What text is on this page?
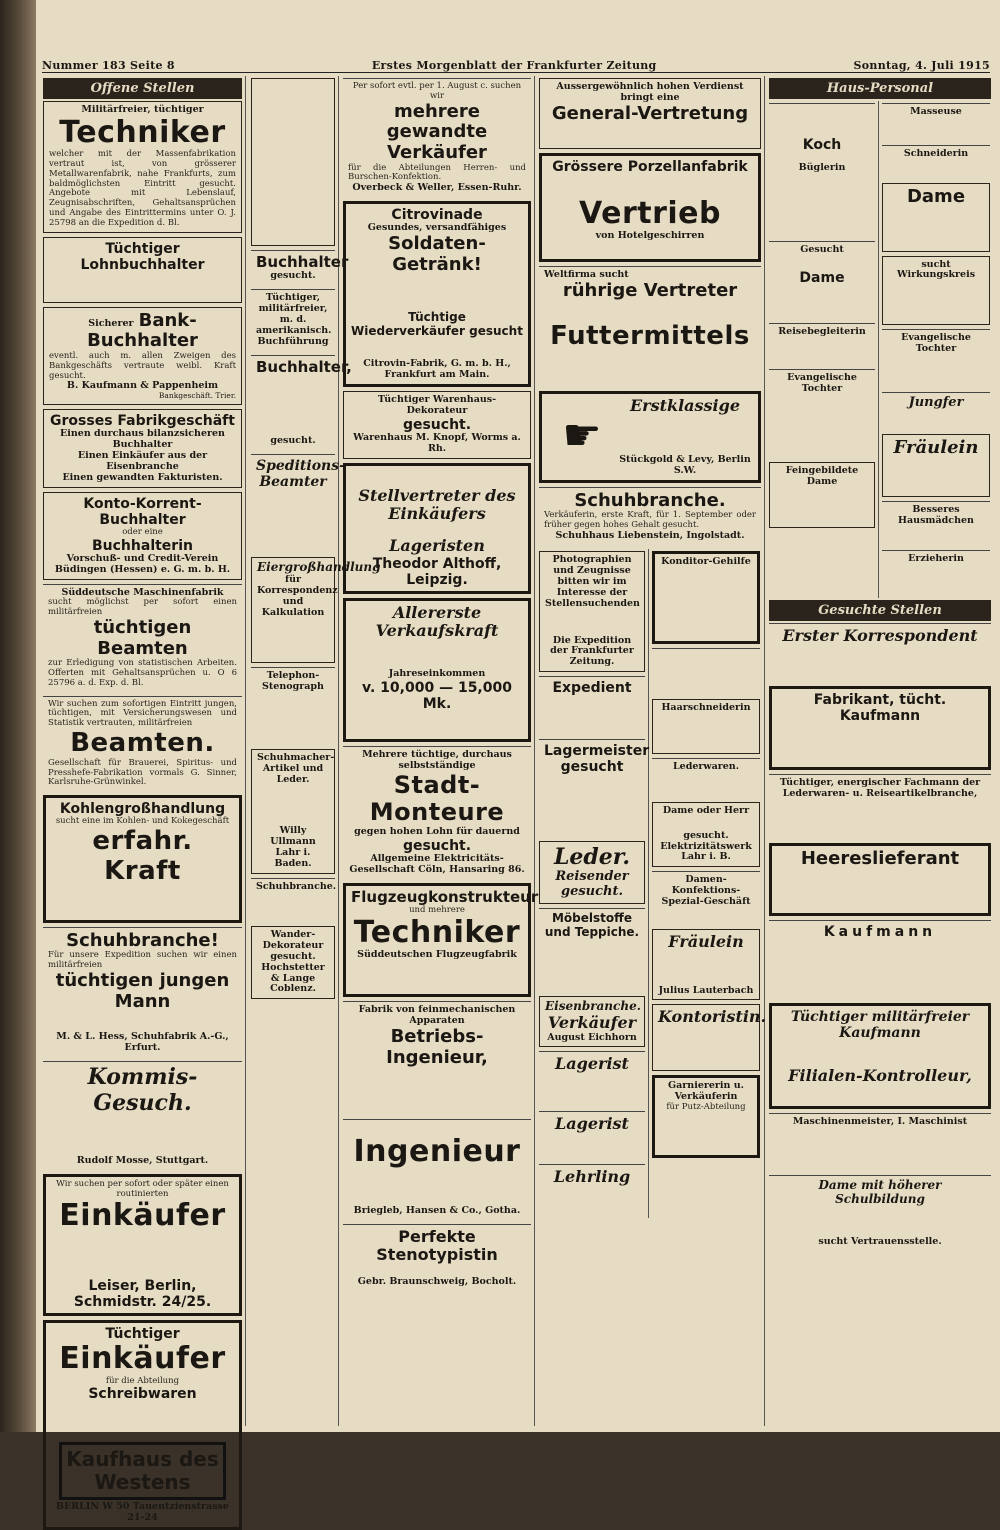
Nummer 183 Seite 8	Erstes Morgenblatt der Frankfurter Zeitung	Sonntag, 4. Juli 1915
Offene Stellen
Militärfreier, tüchtiger
Techniker
welcher mit der Massenfabrikation vertraut ist, von grösserer Metallwarenfabrik, nahe Frankfurts, zum baldmöglichsten Eintritt gesucht. Angebote mit Lebenslauf, Zeugnisabschriften, Gehaltsansprüchen und Angabe des Eintrittermins unter O. J. 25798 an die Expedition d. Bl.
Tüchtiger Lohnbuchhalter

Sicherer Bank-Buchhalter
eventl. auch m. allen Zweigen des Bankgeschäfts vertraute weibl. Kraft gesucht.
B. Kaufmann & Pappenheim
Bankgeschäft. Trier.
Grosses Fabrikgeschäft
Einen durchaus bilanzsicheren Buchhalter
Einen Einkäufer aus der Eisenbranche
Einen gewandten Fakturisten.
Konto-Korrent-Buchhalter
oder eine
Buchhalterin
Vorschuß- und Credit-Verein Büdingen (Hessen) e. G. m. b. H.
Süddeutsche Maschinenfabrik
sucht möglichst per sofort einen militärfreien
tüchtigen Beamten
zur Erledigung von statistischen Arbeiten. Offerten mit Gehaltsansprüchen u. O 6 25796 a. d. Exp. d. Bl.
Wir suchen zum sofortigen Eintritt jungen, tüchtigen, mit Versicherungswesen und Statistik vertrauten, militärfreien
Beamten.
Gesellschaft für Brauerei, Spiritus- und Presshefe-Fabrikation vormals G. Sinner, Karlsruhe-Grünwinkel.
Kohlengroßhandlung
sucht eine im Kohlen- und Kokegeschäft
erfahr. Kraft

Schuhbranche!
Für unsere Expedition suchen wir einen militärfreien
tüchtigen jungen Mann

M. & L. Hess, Schuhfabrik A.-G., Erfurt.
Kommis-Gesuch.

Rudolf Mosse, Stuttgart.
Wir suchen per sofort oder später einen routinierten
Einkäufer

Leiser, Berlin, Schmidstr. 24/25.
Tüchtiger
Einkäufer
für die Abteilung
Schreibwaren

Kaufhaus des Westens
BERLIN W 50 Tauentzienstrasse 21-24

Buchhalter
gesucht.
Tüchtiger, militärfreier, m. d. amerikanisch. Buchführung
Buchhalter,

gesucht.
Speditions-Beamter

Eiergroßhandlung
für Korrespondenz und Kalkulation

Telephon-Stenograph

Schuhmacher-Artikel und Leder.

Willy Ullmann Lahr i. Baden.
Schuhbranche.

Wander-Dekorateur gesucht.
Hochstetter & Lange Coblenz.
Per sofort evtl. per 1. August c. suchen wir
mehrere gewandte Verkäufer
für die Abteilungen Herren- und Burschen-Konfektion.
Overbeck & Weller, Essen-Ruhr.
Citrovinade
Gesundes, versandfähiges
Soldaten-Getränk!

Tüchtige Wiederverkäufer gesucht

Citrovin-Fabrik, G. m. b. H., Frankfurt am Main.
Tüchtiger Warenhaus-Dekorateur
gesucht.
Warenhaus M. Knopf, Worms a. Rh.

Stellvertreter des Einkäufers

Lageristen
Theodor Althoff, Leipzig.
Allererste Verkaufskraft

Jahreseinkommen
v. 10,000 — 15,000 Mk.

Mehrere tüchtige, durchaus selbstständige
Stadt-Monteure
gegen hohen Lohn für dauernd
gesucht.
Allgemeine Elektricitäts-Gesellschaft Cöln, Hansaring 86.
Flugzeugkonstrukteur
und mehrere
Techniker
Süddeutschen Flugzeugfabrik

Fabrik von feinmechanischen Apparaten
Betriebs-Ingenieur,

Ingenieur

Briegleb, Hansen & Co., Gotha.
Perfekte Stenotypistin

Gebr. Braunschweig, Bocholt.
Aussergewöhnlich hohen Verdienst bringt eine
General-Vertretung

Grössere Porzellanfabrik

Vertrieb
von Hotelgeschirren

Weltfirma sucht
rührige Vertreter

Futtermittels

☛
Erstklassige

Stückgold & Levy, Berlin S.W.
Schuhbranche.
Verkäuferin, erste Kraft, für 1. September oder früher gegen hohes Gehalt gesucht.
Schuhhaus Liebenstein, Ingolstadt.
Photographien und Zeugnisse bitten wir im Interesse der Stellensuchenden

Die Expedition der Frankfurter Zeitung.
Expedient

Lagermeister gesucht

Leder.
Reisender gesucht.
Möbelstoffe und Teppiche.

Eisenbranche.
Verkäufer
August Eichhorn
Lagerist

Lagerist

Lehrling

Konditor-Gehilfe

Haarschneiderin

Lederwaren.

Dame oder Herr

gesucht.
Elektrizitätswerk Lahr i. B.
Damen-Konfektions-Spezial-Geschäft

Fräulein

Julius Lauterbach
Kontoristin.

Garniererin u. Verkäuferin
für Putz-Abteilung

Haus-Personal

Koch

Büglerin

Gesucht

Dame

Reisebegleiterin

Evangelische Tochter

Feingebildete Dame

Masseuse

Schneiderin

Dame

sucht Wirkungskreis

Evangelische Tochter

Jungfer

Fräulein

Besseres Hausmädchen

Erzieherin

Gesuchte Stellen
Erster Korrespondent

Fabrikant, tücht. Kaufmann

Tüchtiger, energischer Fachmann der Lederwaren- u. Reiseartikelbranche,

Heereslieferant

Kaufmann

Tüchtiger militärfreier Kaufmann

Filialen-Kontrolleur,

Maschinenmeister, I. Maschinist

Dame mit höherer Schulbildung

sucht Vertrauensstelle.
